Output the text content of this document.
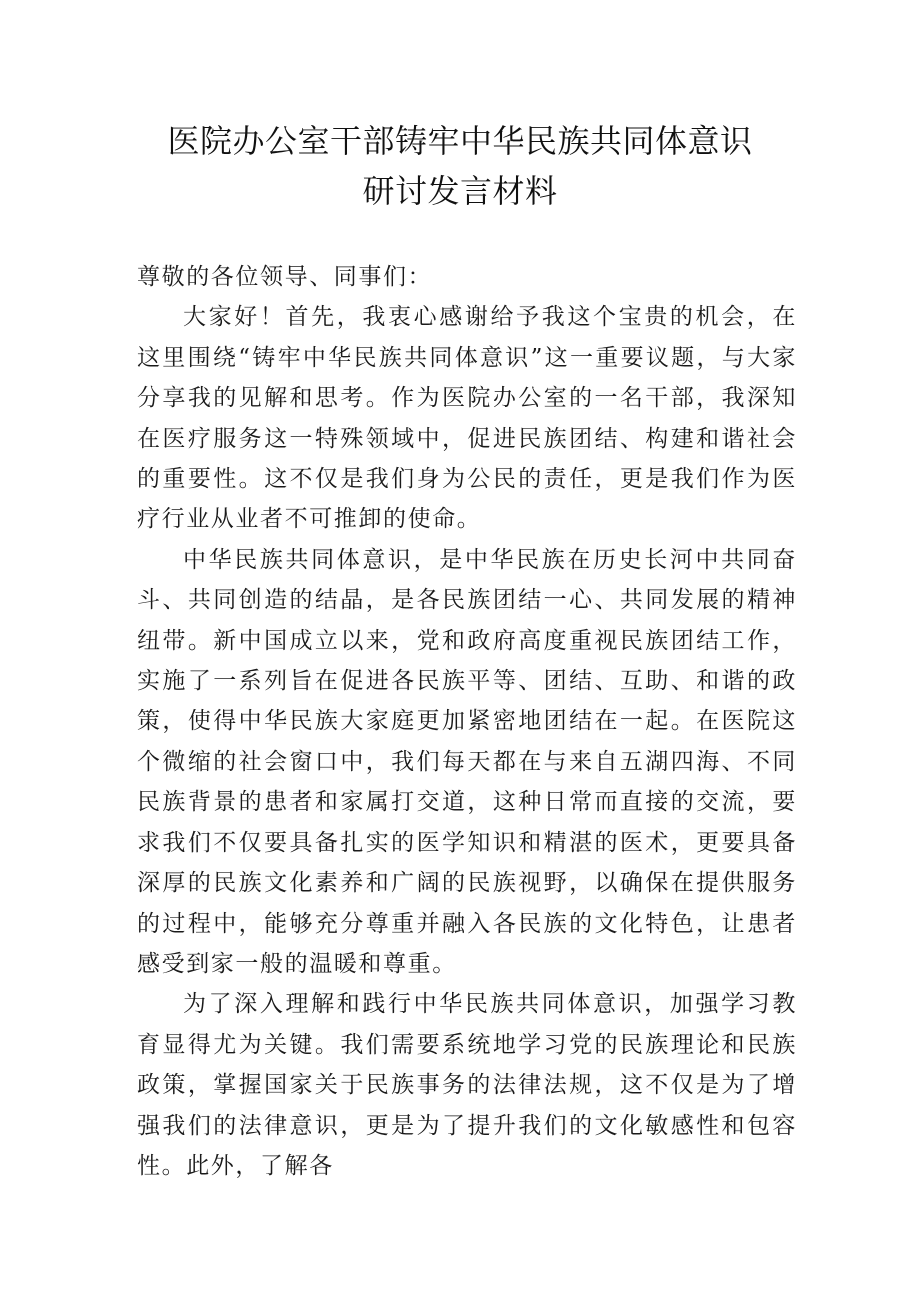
医院办公室干部铸牢中华民族共同体意识
研讨发言材料

尊敬的各位领导、同事们：

大家好！首先，我衷心感谢给予我这个宝贵的机会，在这里围绕“铸牢中华民族共同体意识”这一重要议题，与大家分享我的见解和思考。作为医院办公室的一名干部，我深知在医疗服务这一特殊领域中，促进民族团结、构建和谐社会的重要性。这不仅是我们身为公民的责任，更是我们作为医疗行业从业者不可推卸的使命。

中华民族共同体意识，是中华民族在历史长河中共同奋斗、共同创造的结晶，是各民族团结一心、共同发展的精神纽带。新中国成立以来，党和政府高度重视民族团结工作，实施了一系列旨在促进各民族平等、团结、互助、和谐的政策，使得中华民族大家庭更加紧密地团结在一起。在医院这个微缩的社会窗口中，我们每天都在与来自五湖四海、不同民族背景的患者和家属打交道，这种日常而直接的交流，要求我们不仅要具备扎实的医学知识和精湛的医术，更要具备深厚的民族文化素养和广阔的民族视野，以确保在提供服务的过程中，能够充分尊重并融入各民族的文化特色，让患者感受到家一般的温暖和尊重。

为了深入理解和践行中华民族共同体意识，加强学习教育显得尤为关键。我们需要系统地学习党的民族理论和民族政策，掌握国家关于民族事务的法律法规，这不仅是为了增强我们的法律意识，更是为了提升我们的文化敏感性和包容性。此外，了解各
